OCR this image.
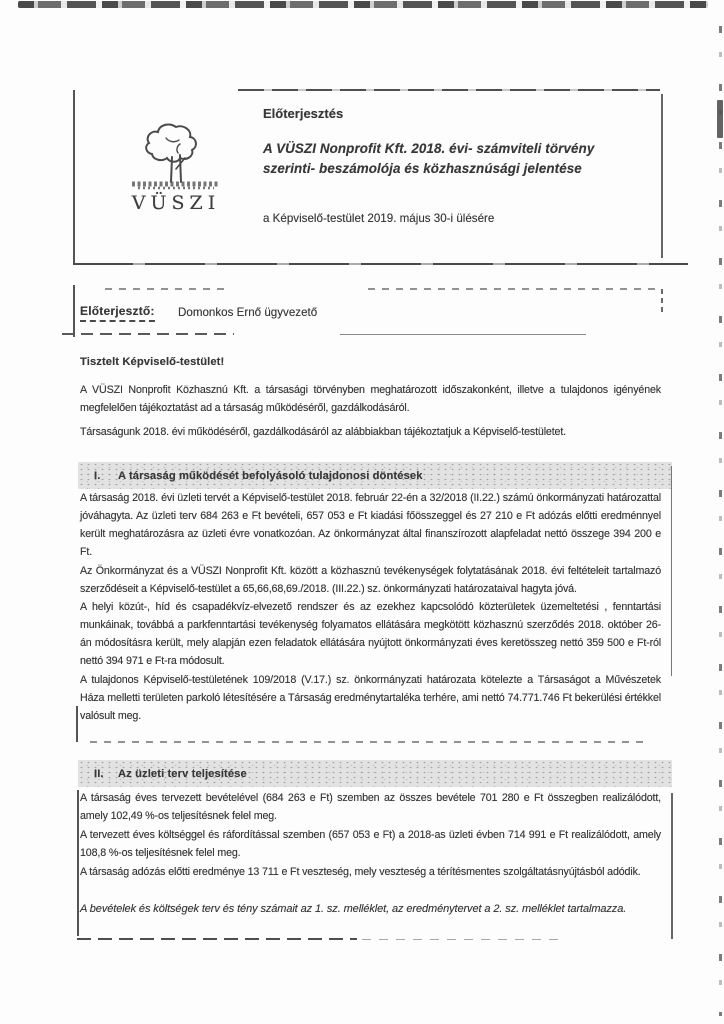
VÜSZI
Előterjesztés
A VÜSZI Nonprofit Kft. 2018. évi- számviteli törvény
szerinti- beszámolója és közhasznúsági jelentése
a Képviselő-testület 2019. május 30-i ülésére
Előterjesztő: Domonkos Ernő ügyvezető
Tisztelt Képviselő-testület!

A VÜSZI Nonprofit Közhasznú Kft. a társasági törvényben meghatározott időszakonként, illetve a tulajdonos igényének megfelelően tájékoztatást ad a társaság működéséről, gazdálkodásáról.

Társaságunk 2018. évi működéséről, gazdálkodásáról az alábbiakban tájékoztatjuk a Képviselő-testületet.

I.	A társaság működését befolyásoló tulajdonosi döntések

A társaság 2018. évi üzleti tervét a Képviselő-testület 2018. február 22-én a 32/2018 (II.22.) számú önkormányzati határozattal jóváhagyta. Az üzleti terv 684 263 e Ft bevételi, 657 053 e Ft kiadási főösszeggel és 27 210 e Ft adózás előtti eredménnyel került meghatározásra az üzleti évre vonatkozóan. Az önkormányzat által finanszírozott alapfeladat nettó összege 394 200 e Ft.

Az Önkormányzat és a VÜSZI Nonprofit Kft. között a közhasznú tevékenységek folytatásának 2018. évi feltételeit tartalmazó szerződéseit a Képviselő-testület a 65,66,68,69./2018. (III.22.) sz. önkormányzati határozataival hagyta jóvá.

A helyi közút-, híd és csapadékvíz-elvezető rendszer és az ezekhez kapcsolódó közterületek üzemeltetési , fenntartási munkáinak, továbbá a parkfenntartási tevékenység folyamatos ellátására megkötött közhasznú szerződés 2018. október 26-án módosításra került, mely alapján ezen feladatok ellátására nyújtott önkormányzati éves keretösszeg nettó 359 500 e Ft-ról nettó 394 971 e Ft-ra módosult.

A tulajdonos Képviselő-testületének 109/2018 (V.17.) sz. önkormányzati határozata kötelezte a Társaságot a Művészetek Háza melletti területen parkoló létesítésére a Társaság eredménytartaléka terhére, ami nettó 74.771.746 Ft bekerülési értékkel valósult meg.

II.	Az üzleti terv teljesítése

A társaság éves tervezett bevételével (684 263 e Ft) szemben az összes bevétele 701 280 e Ft összegben realizálódott, amely 102,49 %-os teljesítésnek felel meg.

A tervezett éves költséggel és ráfordítással szemben (657 053 e Ft) a 2018-as üzleti évben 714 991 e Ft realizálódott, amely 108,8 %-os teljesítésnek felel meg.

A társaság adózás előtti eredménye 13 711 e Ft veszteség, mely veszteség a térítésmentes szolgáltatásnyújtásból adódik.

A bevételek és költségek terv és tény számait az 1. sz. melléklet, az eredménytervet a 2. sz. melléklet tartalmazza.
